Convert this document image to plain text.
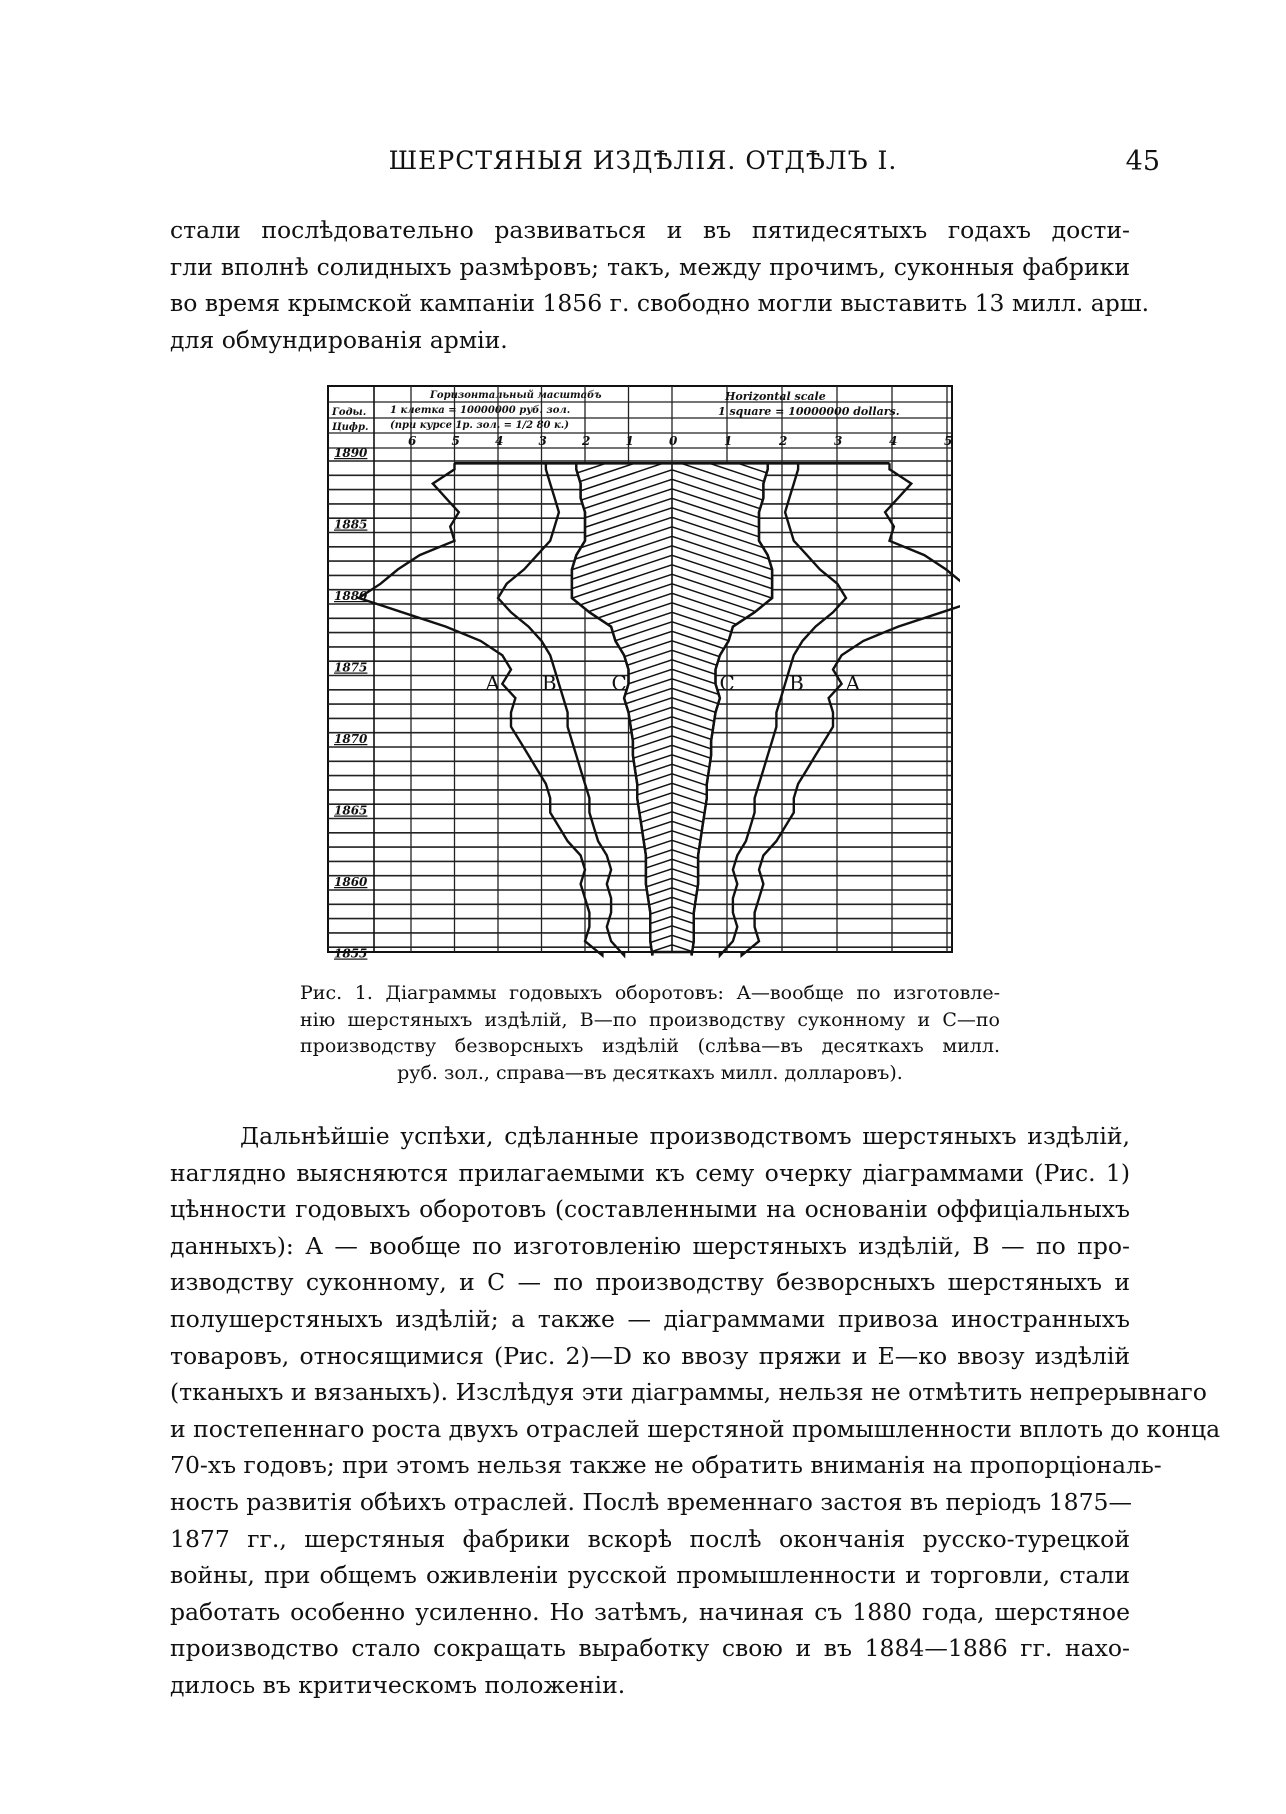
ШЕРСТЯНЫЯ ИЗДѢЛІЯ. ОТДѢЛЪ I.	45
стали послѣдовательно развиваться и въ пятидесятыхъ годахъ дости-
гли вполнѣ солидныхъ размѣровъ; такъ, между прочимъ, суконныя фабрики
во время крымской кампаніи 1856 г. свободно могли выставить 13 милл. арш.
для обмундированія арміи.
6	5	4	3	2	1	0	1	2	3	4	5
Годы.
Цифр.
Горизонтальный масштабъ
1 клетка = 10000000 руб. зол.
(при курсе 1р. зол. = 1/2 80 к.)
Horizontal scale
1 square = 10000000 dollars.
1890
1885
1880
1875
1870
1865
1860
1855
A	A
B	B
C	C
Рис. 1. Діаграммы годовыхъ оборотовъ: А—вообще по изготовле-
нію шерстяныхъ издѣлій, В—по производству суконному и С—по
производству безворсныхъ издѣлій (слѣва—въ десяткахъ милл.
руб. зол., справа—въ десяткахъ милл. долларовъ).
Дальнѣйшіе успѣхи, сдѣланные производствомъ шерстяныхъ издѣлій,
наглядно выясняются прилагаемыми къ сему очерку діаграммами (Рис. 1)
цѣнности годовыхъ оборотовъ (составленными на основаніи оффиціальныхъ
данныхъ): А — вообще по изготовленію шерстяныхъ издѣлій, В — по про-
изводству суконному, и С — по производству безворсныхъ шерстяныхъ и
полушерстяныхъ издѣлій; а также — діаграммами привоза иностранныхъ
товаровъ, относящимися (Рис. 2)—D ко ввозу пряжи и Е—ко ввозу издѣлій
(тканыхъ и вязаныхъ). Изслѣдуя эти діаграммы, нельзя не отмѣтить непрерывнаго
и постепеннаго роста двухъ отраслей шерстяной промышленности вплоть до конца
70-хъ годовъ; при этомъ нельзя также не обратить вниманія на пропорціональ-
ность развитія обѣихъ отраслей. Послѣ временнаго застоя въ періодъ 1875—
1877 гг., шерстяныя фабрики вскорѣ послѣ окончанія русско-турецкой
войны, при общемъ оживленіи русской промышленности и торговли, стали
работать особенно усиленно. Но затѣмъ, начиная съ 1880 года, шерстяное
производство стало сокращать выработку свою и въ 1884—1886 гг. нахо-
дилось въ критическомъ положеніи.
